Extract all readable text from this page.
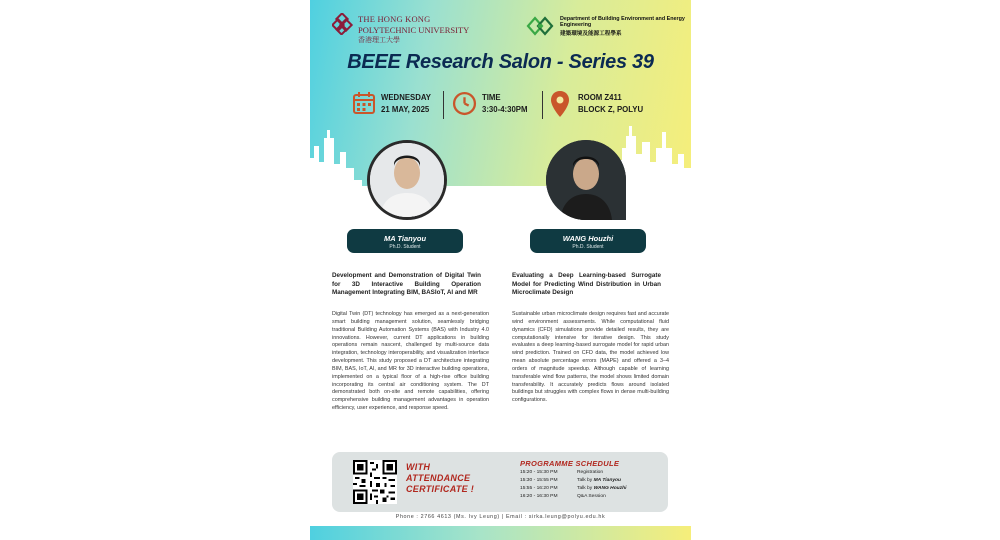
THE HONG KONG
POLYTECHNIC UNIVERSITY
香港理工大學
Department of Building Environment and Energy Engineering
建築環境及能源工程學系
BEEE Research Salon - Series 39
WEDNESDAY
21 MAY, 2025
TIME
3:30-4:30PM
ROOM Z411
BLOCK Z, POLYU
MA Tianyou
Ph.D. Student
WANG Houzhi
Ph.D. Student
Development and Demonstration of Digital Twin for 3D Interactive Building Operation Management Integrating BIM, BASIoT, AI and MR
Evaluating a Deep Learning-based Surrogate Model for Predicting Wind Distribution in Urban Microclimate Design
Digital Twin (DT) technology has emerged as a next-generation smart building management solution, seamlessly bridging traditional Building Automation Systems (BAS) with Industry 4.0 innovations. However, current DT applications in building operations remain nascent, challenged by multi-source data integration, technology interoperability, and visualization interface development. This study proposed a DT architecture integrating BIM, BAS, IoT, AI, and MR for 3D interactive building operations, implemented on a typical floor of a high-rise office building incorporating its central air conditioning system. The DT demonstrated both on-site and remote capabilities, offering comprehensive building management advantages in operation efficiency, user experience, and response speed.
Sustainable urban microclimate design requires fast and accurate wind environment assessments. While computational fluid dynamics (CFD) simulations provide detailed results, they are computationally intensive for iterative design. This study evaluates a deep learning-based surrogate model for rapid urban wind prediction. Trained on CFD data, the model achieved low mean absolute percentage errors (MAPE) and offered a 3–4 orders of magnitude speedup. Although capable of learning transferable wind flow patterns, the model shows limited domain transferability. It accurately predicts flows around isolated buildings but struggles with complex flows in dense multi-building configurations.
WITH
ATTENDANCE
CERTIFICATE !
PROGRAMME SCHEDULE
15:20 - 15:30 PM	Registration
15:30 - 15:55 PM	Talk by MA Tianyou
15:55 - 16:20 PM	Talk by WANG Houzhi
16:20 - 16:30 PM	Q&A Session
Phone : 2766 4613 (Ms. Ivy Leung) | Email : sirka.leung@polyu.edu.hk
